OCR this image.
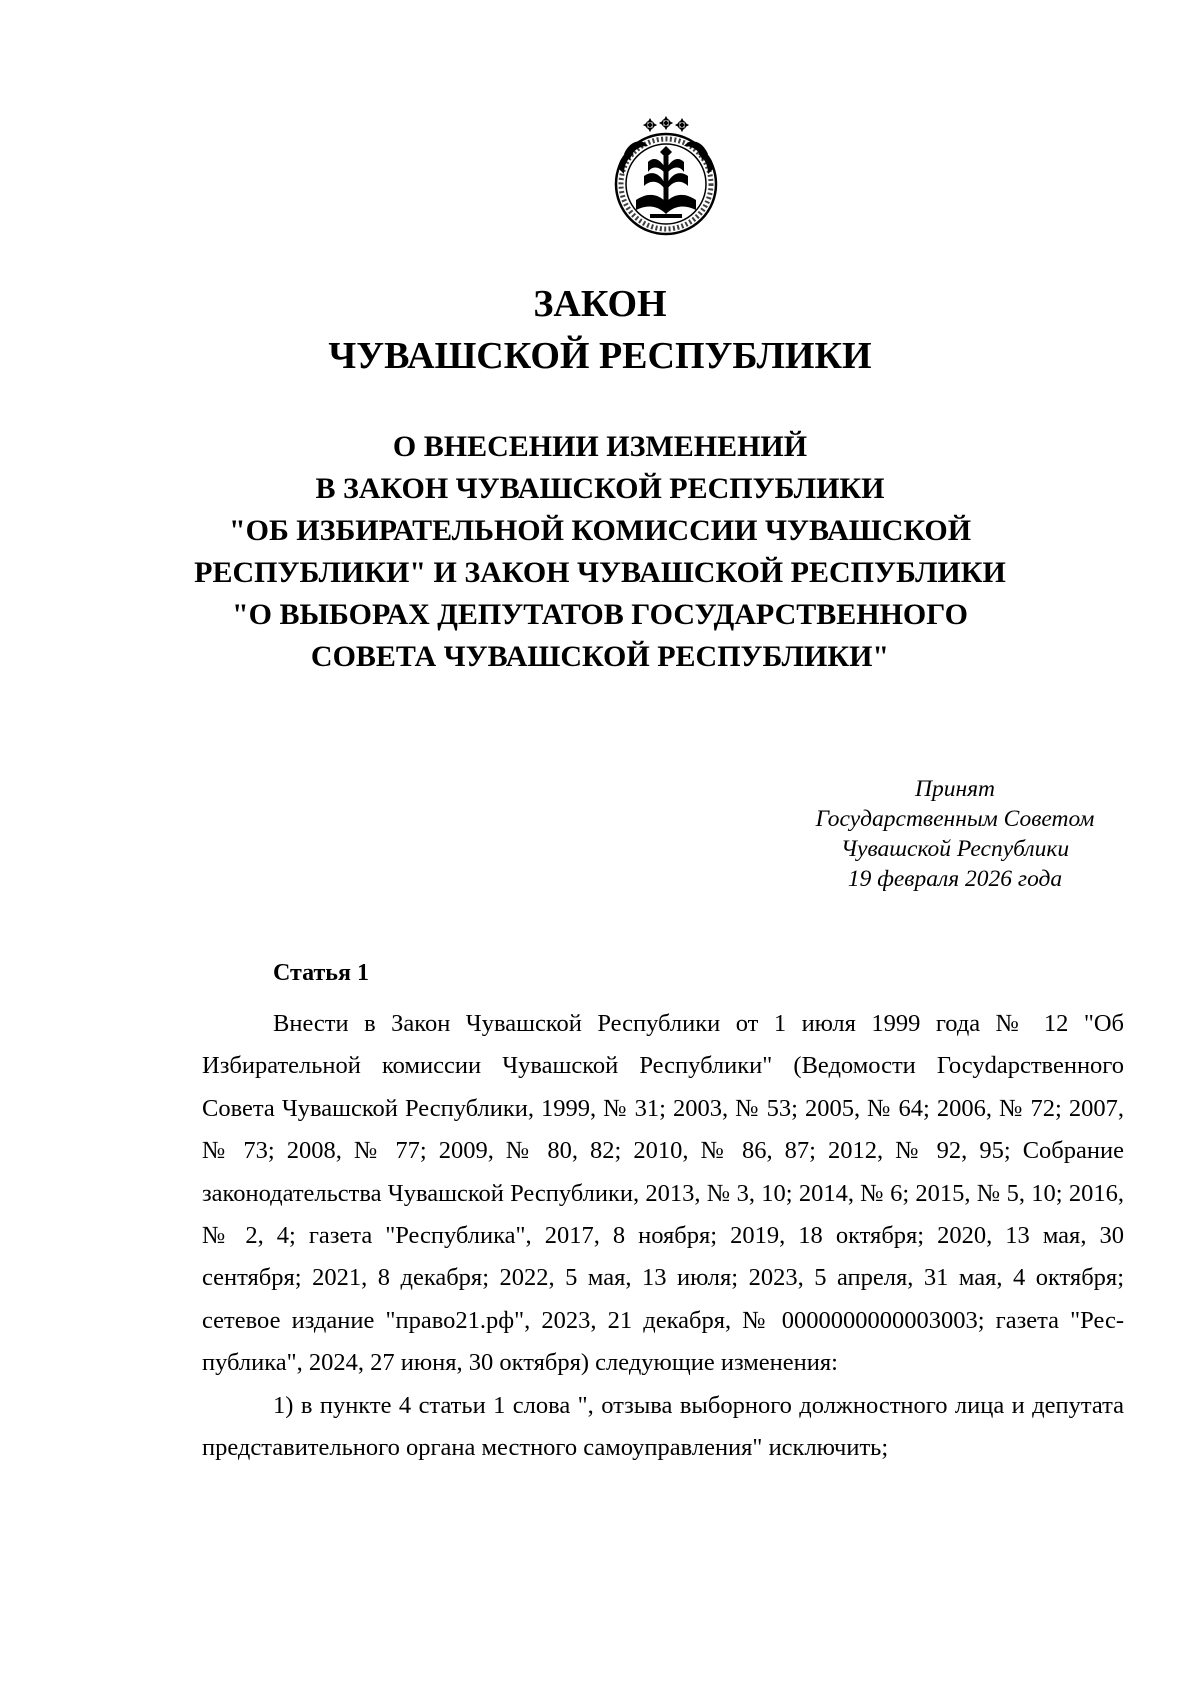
ЗАКОН
ЧУВАШСКОЙ РЕСПУБЛИКИ
О ВНЕСЕНИИ ИЗМЕНЕНИЙ
В ЗАКОН ЧУВАШСКОЙ РЕСПУБЛИКИ
"ОБ ИЗБИРАТЕЛЬНОЙ КОМИССИИ ЧУВАШСКОЙ
РЕСПУБЛИКИ" И ЗАКОН ЧУВАШСКОЙ РЕСПУБЛИКИ
"О ВЫБОРАХ ДЕПУТАТОВ ГОСУДАРСТВЕННОГО
СОВЕТА ЧУВАШСКОЙ РЕСПУБЛИКИ"
Принят
Государственным Советом
Чувашской Республики
19 февраля 2026 года
Статья 1

Внести в Закон Чувашской Республики от 1 июля 1999 года № 12 "Об Избирательной комиссии Чувашской Республики" (Ведомости Госуdарственного Совета Чувашской Республики, 1999, № 31; 2003, № 53; 2005, № 64; 2006, № 72; 2007, № 73; 2008, № 77; 2009, № 80, 82; 2010, № 86, 87; 2012, № 92, 95; Собрание законодательства Чувашской Республики, 2013, № 3, 10; 2014, № 6; 2015, № 5, 10; 2016, № 2, 4; газета "Республика", 2017, 8 ноября; 2019, 18 октября; 2020, 13 мая, 30 сентября; 2021, 8 декабря; 2022, 5 мая, 13 июля; 2023, 5 апреля, 31 мая, 4 октября; сетевое издание "право21.рф", 2023, 21 декабря, № 0000000000003003; газета "Республика", 2024, 27 июня, 30 октября) следующие изменения:

1) в пункте 4 статьи 1 слова ", отзыва выборного должностного лица и депутата представительного органа местного самоуправления" исключить;
